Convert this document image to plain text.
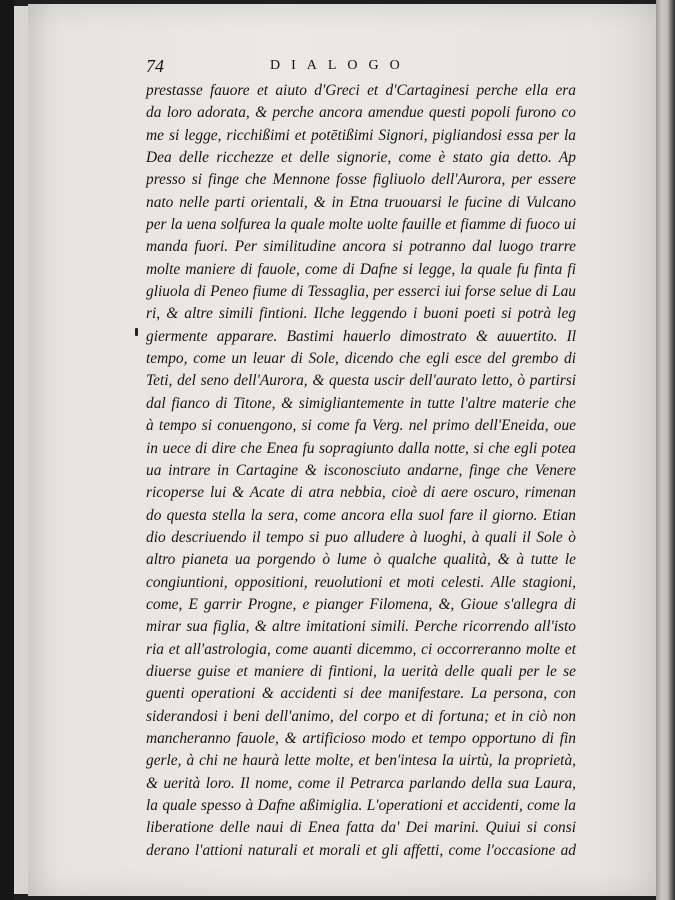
74	DIALOGO
prestasse fauore et aiuto d'Greci et d'Cartaginesi perche ella era
da loro adorata, & perche ancora amendue questi popoli furono co
me si legge, ricchißimi et potētißimi Signori, pigliandosi essa per la
Dea delle ricchezze et delle signorie, come è stato gia detto. Ap
presso si finge che Mennone fosse figliuolo dell'Aurora, per essere
nato nelle parti orientali, & in Etna truouarsi le fucine di Vulcano
per la uena solfurea la quale molte uolte fauille et fiamme di fuoco ui
manda fuori. Per similitudine ancora si potranno dal luogo trarre
molte maniere di fauole, come di Dafne si legge, la quale fu finta fi
gliuola di Peneo fiume di Tessaglia, per esserci iui forse selue di Lau
ri, & altre simili fintioni. Ilche leggendo i buoni poeti si potrà leg
giermente apparare. Bastimi hauerlo dimostrato & auuertito. Il
tempo, come un leuar di Sole, dicendo che egli esce del grembo di
Teti, del seno dell'Aurora, & questa uscir dell'aurato letto, ò partirsi
dal fianco di Titone, & simigliantemente in tutte l'altre materie che
à tempo si conuengono, si come fa Verg. nel primo dell'Eneida, oue
in uece di dire che Enea fu sopragiunto dalla notte, si che egli potea
ua intrare in Cartagine & isconosciuto andarne, finge che Venere
ricoperse lui & Acate di atra nebbia, cioè di aere oscuro, rimenan
do questa stella la sera, come ancora ella suol fare il giorno. Etian
dio descriuendo il tempo si puo alludere à luoghi, à quali il Sole ò
altro pianeta ua porgendo ò lume ò qualche qualità, & à tutte le
congiuntioni, oppositioni, reuolutioni et moti celesti. Alle stagioni,
come, E garrir Progne, e pianger Filomena, &, Gioue s'allegra di
mirar sua figlia, & altre imitationi simili. Perche ricorrendo all'isto
ria et all'astrologia, come auanti dicemmo, ci occorreranno molte et
diuerse guise et maniere di fintioni, la uerità delle quali per le se
guenti operationi & accidenti si dee manifestare. La persona, con
siderandosi i beni dell'animo, del corpo et di fortuna; et in ciò non
mancheranno fauole, & artificioso modo et tempo opportuno di fin
gerle, à chi ne haurà lette molte, et ben'intesa la uirtù, la proprietà,
& uerità loro. Il nome, come il Petrarca parlando della sua Laura,
la quale spesso à Dafne aßimiglia. L'operationi et accidenti, come la
liberatione delle naui di Enea fatta da' Dei marini. Quiui si consi
derano l'attioni naturali et morali et gli affetti, come l'occasione ad
